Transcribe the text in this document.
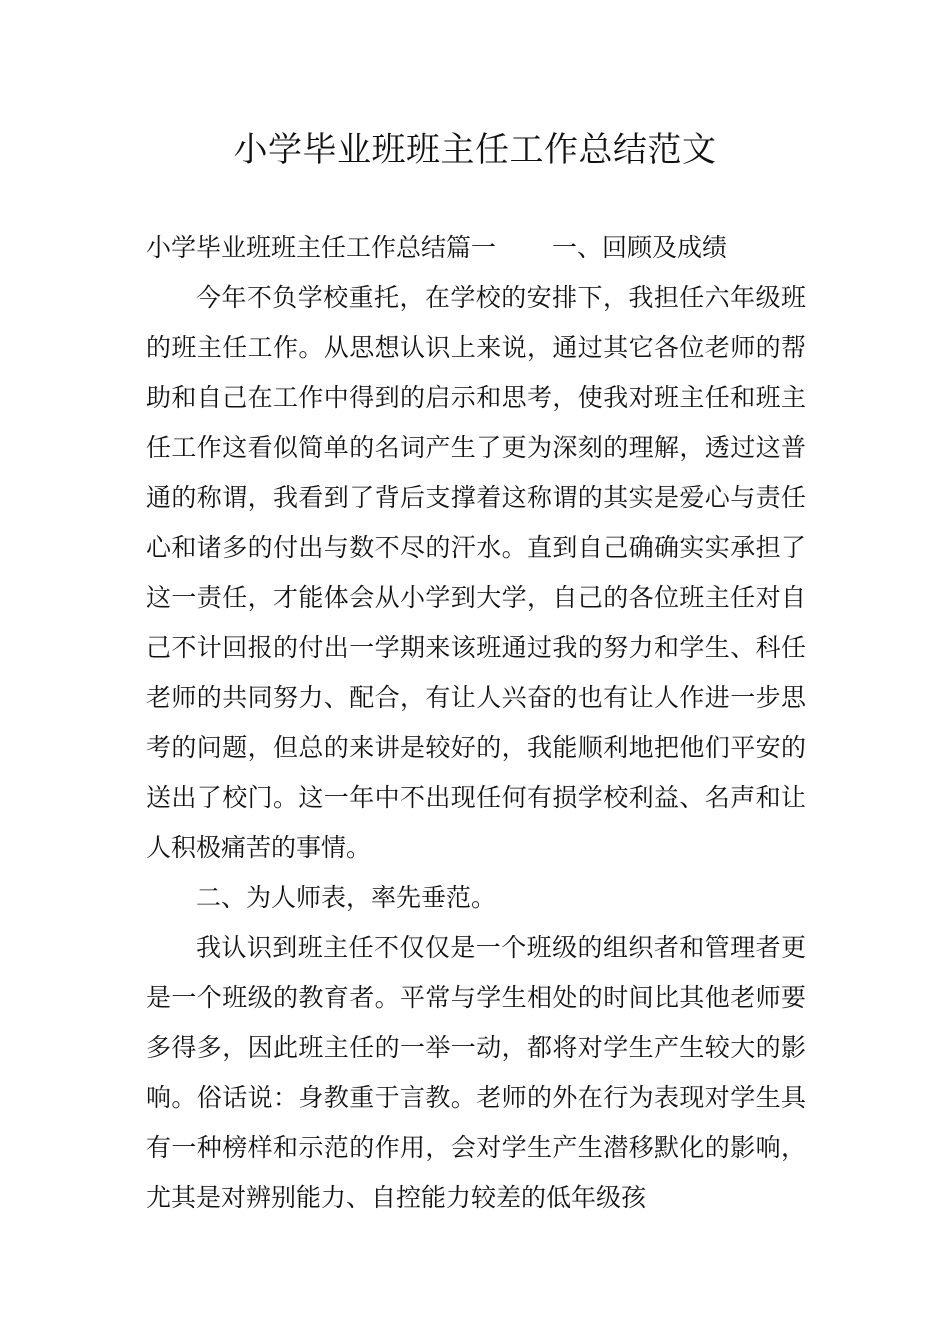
小学毕业班班主任工作总结范文

小学毕业班班主任工作总结篇一 一、回顾及成绩

今年不负学校重托，在学校的安排下，我担任六年级班的班主任工作。从思想认识上来说，通过其它各位老师的帮助和自己在工作中得到的启示和思考，使我对班主任和班主任工作这看似简单的名词产生了更为深刻的理解，透过这普通的称谓，我看到了背后支撑着这称谓的其实是爱心与责任心和诸多的付出与数不尽的汗水。直到自己确确实实承担了这一责任，才能体会从小学到大学，自己的各位班主任对自己不计回报的付出一学期来该班通过我的努力和学生、科任老师的共同努力、配合，有让人兴奋的也有让人作进一步思考的问题，但总的来讲是较好的，我能顺利地把他们平安的送出了校门。这一年中不出现任何有损学校利益、名声和让人积极痛苦的事情。

二、为人师表，率先垂范。

我认识到班主任不仅仅是一个班级的组织者和管理者更是一个班级的教育者。平常与学生相处的时间比其他老师要多得多，因此班主任的一举一动，都将对学生产生较大的影响。俗话说：身教重于言教。老师的外在行为表现对学生具有一种榜样和示范的作用，会对学生产生潜移默化的影响，尤其是对辨别能力、自控能力较差的低年级孩
